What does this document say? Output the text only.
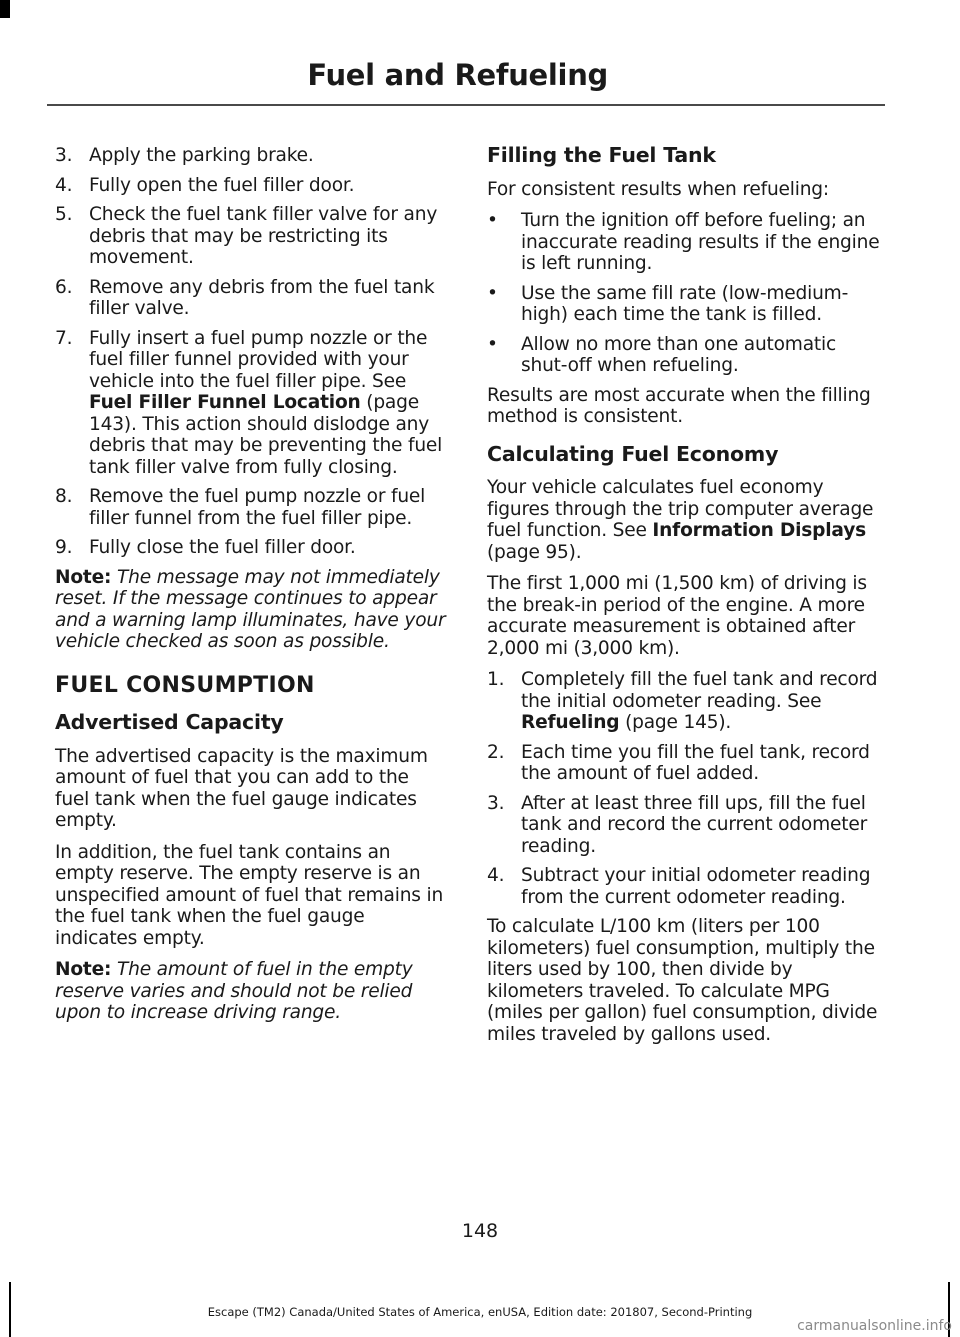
Fuel and Refueling
3. Apply the parking brake.
4. Fully open the fuel filler door.
5. Check the fuel tank filler valve for any debris that may be restricting its movement.
6. Remove any debris from the fuel tank filler valve.
7. Fully insert a fuel pump nozzle or the fuel filler funnel provided with your vehicle into the fuel filler pipe. See Fuel Filler Funnel Location (page 143). This action should dislodge any debris that may be preventing the fuel tank filler valve from fully closing.
8. Remove the fuel pump nozzle or fuel filler funnel from the fuel filler pipe.
9. Fully close the fuel filler door.

Note: The message may not immediately reset. If the message continues to appear and a warning lamp illuminates, have your vehicle checked as soon as possible.

FUEL CONSUMPTION
Advertised Capacity

The advertised capacity is the maximum amount of fuel that you can add to the fuel tank when the fuel gauge indicates empty.

In addition, the fuel tank contains an empty reserve. The empty reserve is an unspecified amount of fuel that remains in the fuel tank when the fuel gauge indicates empty.

Note: The amount of fuel in the empty reserve varies and should not be relied upon to increase driving range.

Filling the Fuel Tank

For consistent results when refueling:

• Turn the ignition off before fueling; an inaccurate reading results if the engine is left running.
• Use the same fill rate (low-medium-high) each time the tank is filled.
• Allow no more than one automatic shut-off when refueling.

Results are most accurate when the filling method is consistent.

Calculating Fuel Economy

Your vehicle calculates fuel economy figures through the trip computer average fuel function. See Information Displays (page 95).

The first 1,000 mi (1,500 km) of driving is the break-in period of the engine. A more accurate measurement is obtained after 2,000 mi (3,000 km).

1. Completely fill the fuel tank and record the initial odometer reading. See Refueling (page 145).
2. Each time you fill the fuel tank, record the amount of fuel added.
3. After at least three fill ups, fill the fuel tank and record the current odometer reading.
4. Subtract your initial odometer reading from the current odometer reading.

To calculate L/100 km (liters per 100 kilometers) fuel consumption, multiply the liters used by 100, then divide by kilometers traveled. To calculate MPG (miles per gallon) fuel consumption, divide miles traveled by gallons used.

148
Escape (TM2) Canada/United States of America, enUSA, Edition date: 201807, Second-Printing
carmanualsonline.info
